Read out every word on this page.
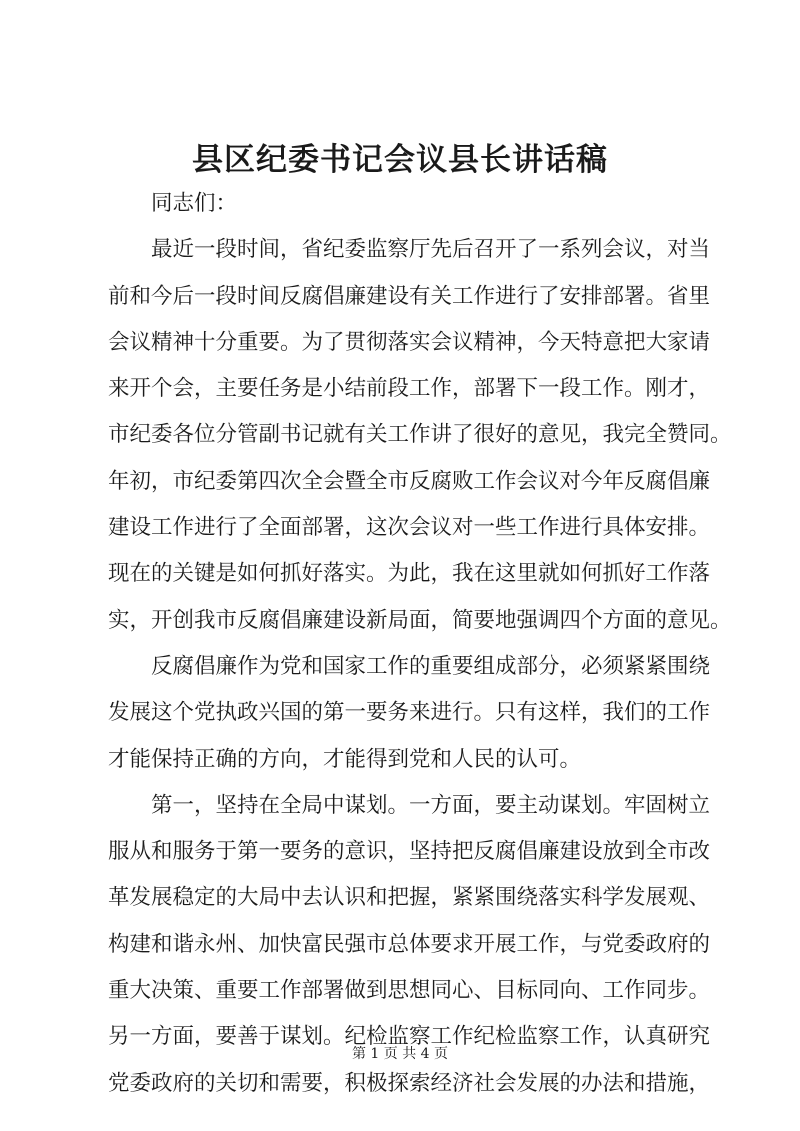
县区纪委书记会议县长讲话稿
同志们：
最近一段时间，省纪委监察厅先后召开了一系列会议，对当
前和今后一段时间反腐倡廉建设有关工作进行了安排部署。省里
会议精神十分重要。为了贯彻落实会议精神，今天特意把大家请
来开个会，主要任务是小结前段工作，部署下一段工作。刚才，
市纪委各位分管副书记就有关工作讲了很好的意见，我完全赞同。
年初，市纪委第四次全会暨全市反腐败工作会议对今年反腐倡廉
建设工作进行了全面部署，这次会议对一些工作进行具体安排。
现在的关键是如何抓好落实。为此，我在这里就如何抓好工作落
实，开创我市反腐倡廉建设新局面，简要地强调四个方面的意见。
反腐倡廉作为党和国家工作的重要组成部分，必须紧紧围绕
发展这个党执政兴国的第一要务来进行。只有这样，我们的工作
才能保持正确的方向，才能得到党和人民的认可。
第一，坚持在全局中谋划。一方面，要主动谋划。牢固树立
服从和服务于第一要务的意识，坚持把反腐倡廉建设放到全市改
革发展稳定的大局中去认识和把握，紧紧围绕落实科学发展观、
构建和谐永州、加快富民强市总体要求开展工作，与党委政府的
重大决策、重要工作部署做到思想同心、目标同向、工作同步。
另一方面，要善于谋划。纪检监察工作纪检监察工作，认真研究
党委政府的关切和需要，积极探索经济社会发展的办法和措施，
第 1 页 共 4 页
